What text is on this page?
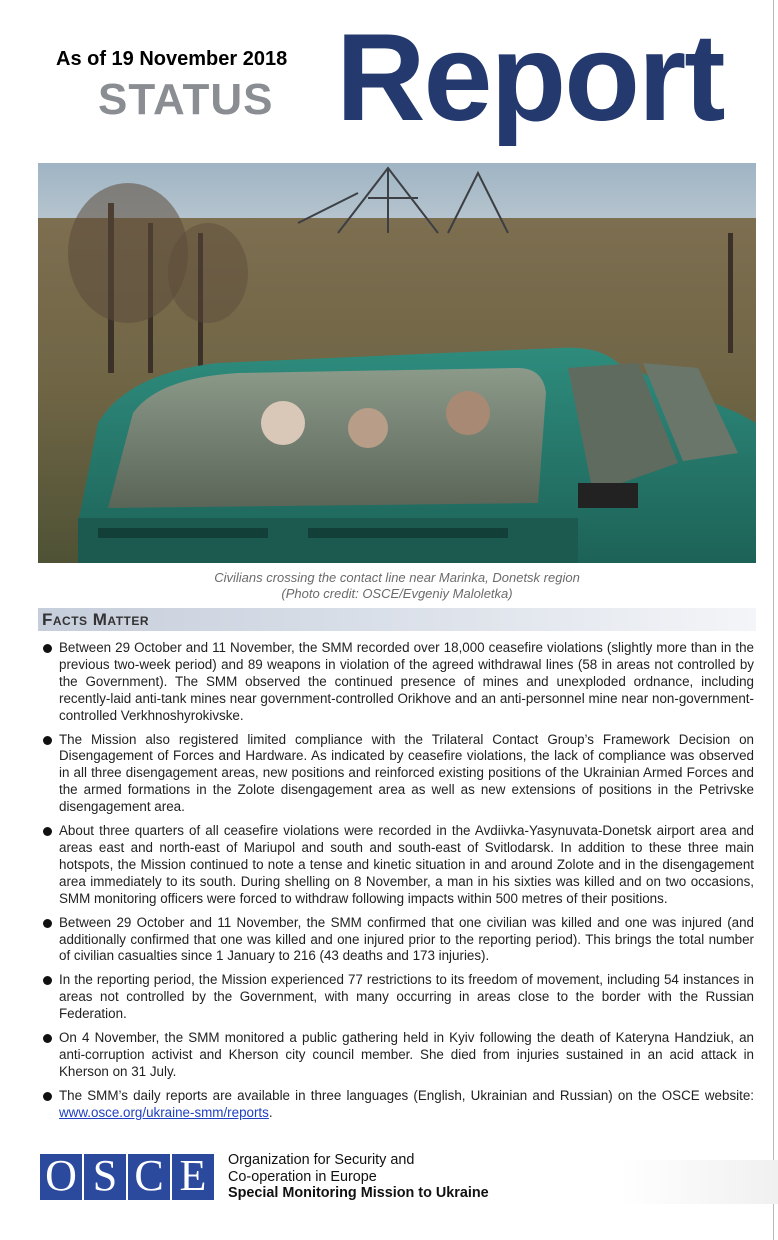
As of 19 November 2018
STATUS Report
Civilians crossing the contact line near Marinka, Donetsk region
(Photo credit: OSCE/Evgeniy Maloletka)
Facts Matter
Between 29 October and 11 November, the SMM recorded over 18,000 ceasefire violations (slightly more than in the previous two-week period) and 89 weapons in violation of the agreed withdrawal lines (58 in areas not controlled by the Government). The SMM observed the continued presence of mines and unexploded ordnance, including recently-laid anti-tank mines near government-controlled Orikhove and an anti-personnel mine near non-government-controlled Verkhnoshyrokivske.
The Mission also registered limited compliance with the Trilateral Contact Group’s Framework Decision on Disengagement of Forces and Hardware. As indicated by ceasefire violations, the lack of compliance was observed in all three disengagement areas, new positions and reinforced existing positions of the Ukrainian Armed Forces and the armed formations in the Zolote disengagement area as well as new extensions of positions in the Petrivske disengagement area.
About three quarters of all ceasefire violations were recorded in the Avdiivka-Yasynuvata-Donetsk airport area and areas east and north-east of Mariupol and south and south-east of Svitlodarsk. In addition to these three main hotspots, the Mission continued to note a tense and kinetic situation in and around Zolote and in the disengagement area immediately to its south. During shelling on 8 November, a man in his sixties was killed and on two occasions, SMM monitoring officers were forced to withdraw following impacts within 500 metres of their positions.
Between 29 October and 11 November, the SMM confirmed that one civilian was killed and one was injured (and additionally confirmed that one was killed and one injured prior to the reporting period). This brings the total number of civilian casualties since 1 January to 216 (43 deaths and 173 injuries).
In the reporting period, the Mission experienced 77 restrictions to its freedom of movement, including 54 instances in areas not controlled by the Government, with many occurring in areas close to the border with the Russian Federation.
On 4 November, the SMM monitored a public gathering held in Kyiv following the death of Kateryna Handziuk, an anti-corruption activist and Kherson city council member. She died from injuries sustained in an acid attack in Kherson on 31 July.
The SMM’s daily reports are available in three languages (English, Ukrainian and Russian) on the OSCE website: www.osce.org/ukraine-smm/reports.
O S C E	Organization for Security and
Co-operation in Europe
Special Monitoring Mission to Ukraine
